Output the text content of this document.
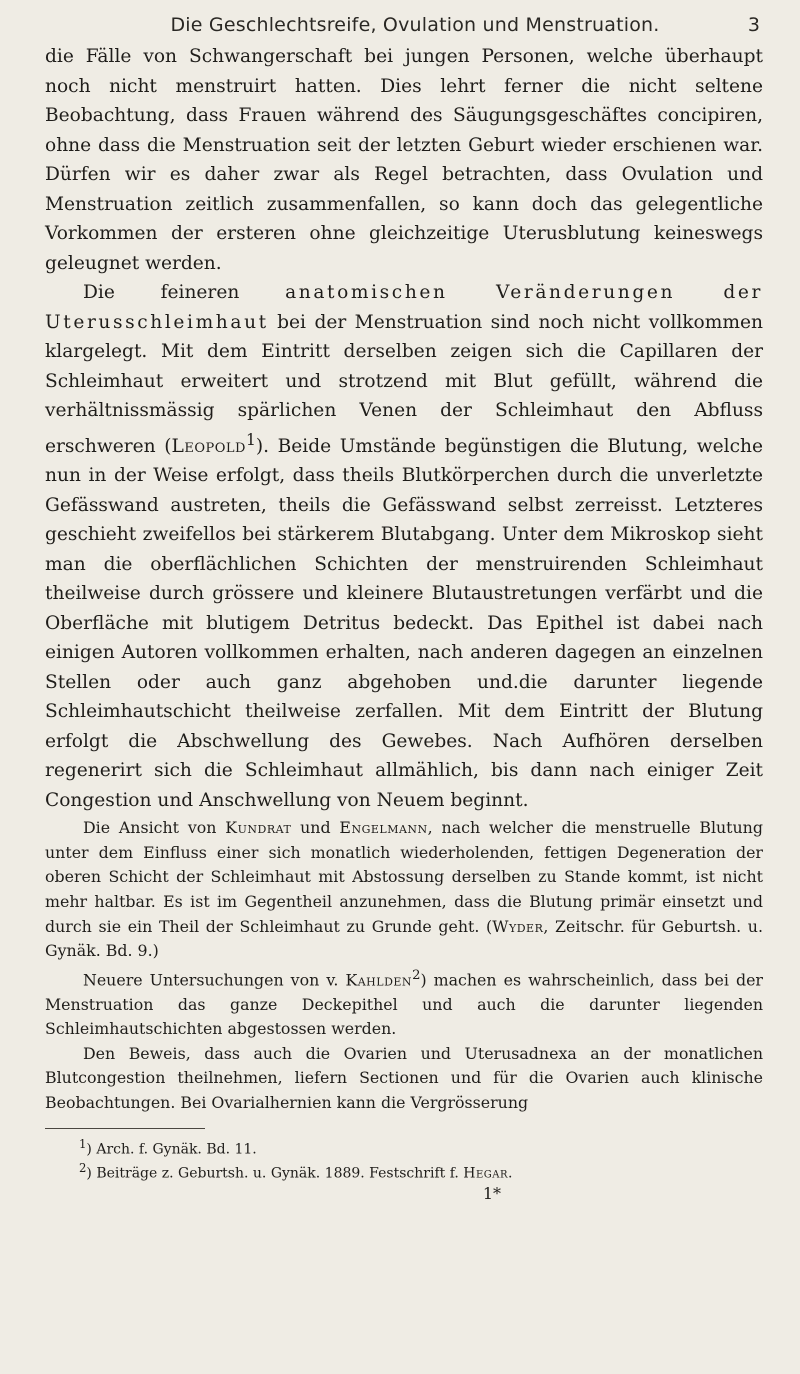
Die Geschlechtsreife, Ovulation und Menstruation.	3

die Fälle von Schwangerschaft bei jungen Personen, welche überhaupt noch nicht menstruirt hatten. Dies lehrt ferner die nicht seltene Beobachtung, dass Frauen während des Säugungsgeschäftes concipiren, ohne dass die Menstruation seit der letzten Geburt wieder erschienen war. Dürfen wir es daher zwar als Regel betrachten, dass Ovulation und Menstruation zeitlich zusammenfallen, so kann doch das gelegentliche Vorkommen der ersteren ohne gleichzeitige Uterusblutung keineswegs geleugnet werden.

Die feineren anatomischen Veränderungen der Uterusschleimhaut bei der Menstruation sind noch nicht vollkommen klargelegt. Mit dem Eintritt derselben zeigen sich die Capillaren der Schleimhaut erweitert und strotzend mit Blut gefüllt, während die verhältnissmässig spärlichen Venen der Schleimhaut den Abfluss erschweren (Leopold$^1$). Beide Umstände begünstigen die Blutung, welche nun in der Weise erfolgt, dass theils Blutkörperchen durch die unverletzte Gefässwand austreten, theils die Gefässwand selbst zerreisst. Letzteres geschieht zweifellos bei stärkerem Blutabgang. Unter dem Mikroskop sieht man die oberflächlichen Schichten der menstruirenden Schleimhaut theilweise durch grössere und kleinere Blutaustretungen verfärbt und die Oberfläche mit blutigem Detritus bedeckt. Das Epithel ist dabei nach einigen Autoren vollkommen erhalten, nach anderen dagegen an einzelnen Stellen oder auch ganz abgehoben und.die darunter liegende Schleimhautschicht theilweise zerfallen. Mit dem Eintritt der Blutung erfolgt die Abschwellung des Gewebes. Nach Aufhören derselben regenerirt sich die Schleimhaut allmählich, bis dann nach einiger Zeit Congestion und Anschwellung von Neuem beginnt.

Die Ansicht von Kundrat und Engelmann, nach welcher die menstruelle Blutung unter dem Einfluss einer sich monatlich wiederholenden, fettigen Degeneration der oberen Schicht der Schleimhaut mit Abstossung derselben zu Stande kommt, ist nicht mehr haltbar. Es ist im Gegentheil anzunehmen, dass die Blutung primär einsetzt und durch sie ein Theil der Schleimhaut zu Grunde geht. (Wyder, Zeitschr. für Geburtsh. u. Gynäk. Bd. 9.)

Neuere Untersuchungen von v. Kahlden$^2$) machen es wahrscheinlich, dass bei der Menstruation das ganze Deckepithel und auch die darunter liegenden Schleimhautschichten abgestossen werden.

Den Beweis, dass auch die Ovarien und Uterusadnexa an der monatlichen Blutcongestion theilnehmen, liefern Sectionen und für die Ovarien auch klinische Beobachtungen. Bei Ovarialhernien kann die Vergrösserung

$^1$) Arch. f. Gynäk. Bd. 11.
$^2$) Beiträge z. Geburtsh. u. Gynäk. 1889. Festschrift f. Hegar.
1*
